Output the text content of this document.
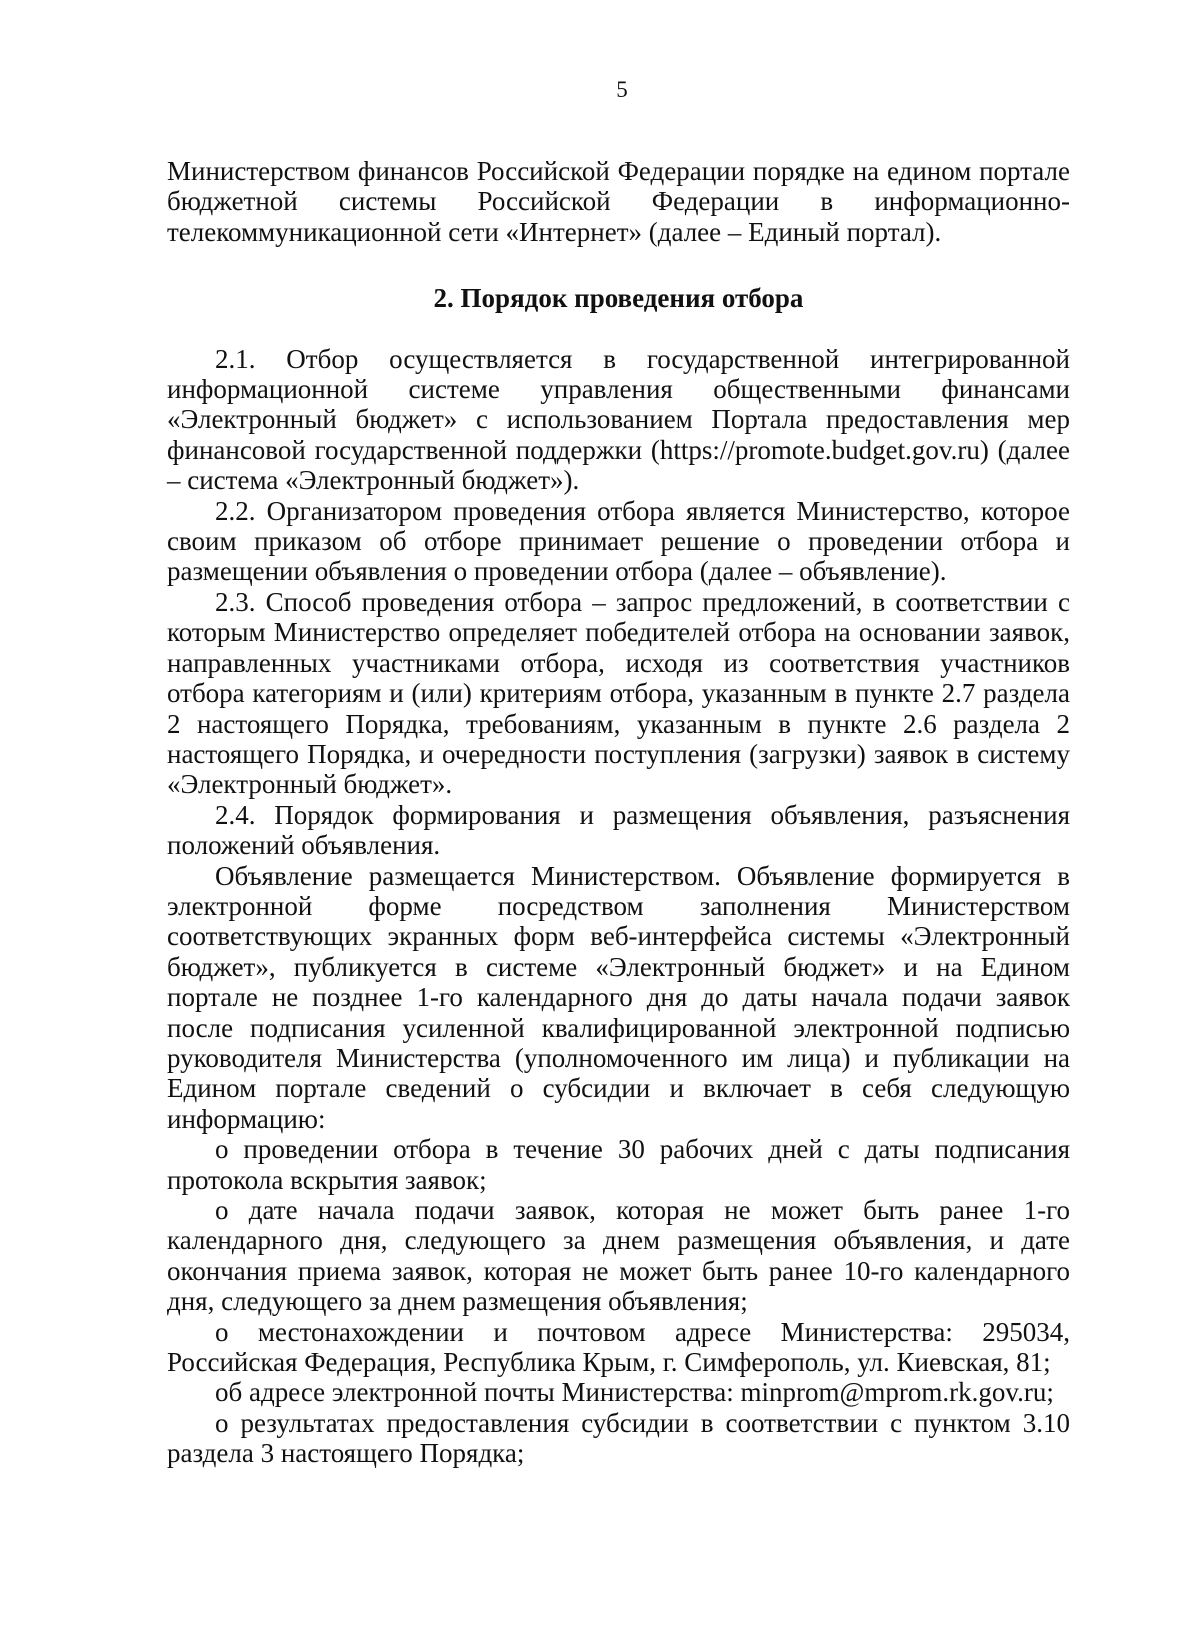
5

Министерством финансов Российской Федерации порядке на едином портале бюджетной системы Российской Федерации в информационно-телекоммуникационной сети «Интернет» (далее – Единый портал).

2. Порядок проведения отбора

2.1. Отбор осуществляется в государственной интегрированной информационной системе управления общественными финансами «Электронный бюджет» с использованием Портала предоставления мер финансовой государственной поддержки (https://promote.budget.gov.ru) (далее – система «Электронный бюджет»).

2.2. Организатором проведения отбора является Министерство, которое своим приказом об отборе принимает решение о проведении отбора и размещении объявления о проведении отбора (далее – объявление).

2.3. Способ проведения отбора – запрос предложений, в соответствии с которым Министерство определяет победителей отбора на основании заявок, направленных участниками отбора, исходя из соответствия участников отбора категориям и (или) критериям отбора, указанным в пункте 2.7 раздела 2 настоящего Порядка, требованиям, указанным в пункте 2.6 раздела 2 настоящего Порядка, и очередности поступления (загрузки) заявок в систему «Электронный бюджет».

2.4. Порядок формирования и размещения объявления, разъяснения положений объявления.

Объявление размещается Министерством. Объявление формируется в электронной форме посредством заполнения Министерством соответствующих экранных форм веб-интерфейса системы «Электронный бюджет», публикуется в системе «Электронный бюджет» и на Едином портале не позднее 1-го календарного дня до даты начала подачи заявок после подписания усиленной квалифицированной электронной подписью руководителя Министерства (уполномоченного им лица) и публикации на Едином портале сведений о субсидии и включает в себя следующую информацию:

о проведении отбора в течение 30 рабочих дней с даты подписания протокола вскрытия заявок;

о дате начала подачи заявок, которая не может быть ранее 1-го календарного дня, следующего за днем размещения объявления, и дате окончания приема заявок, которая не может быть ранее 10-го календарного дня, следующего за днем размещения объявления;

о местонахождении и почтовом адресе Министерства: 295034, Российская Федерация, Республика Крым, г. Симферополь, ул. Киевская, 81;

об адресе электронной почты Министерства: minprom@mprom.rk.gov.ru;

о результатах предоставления субсидии в соответствии с пунктом 3.10 раздела 3 настоящего Порядка;
